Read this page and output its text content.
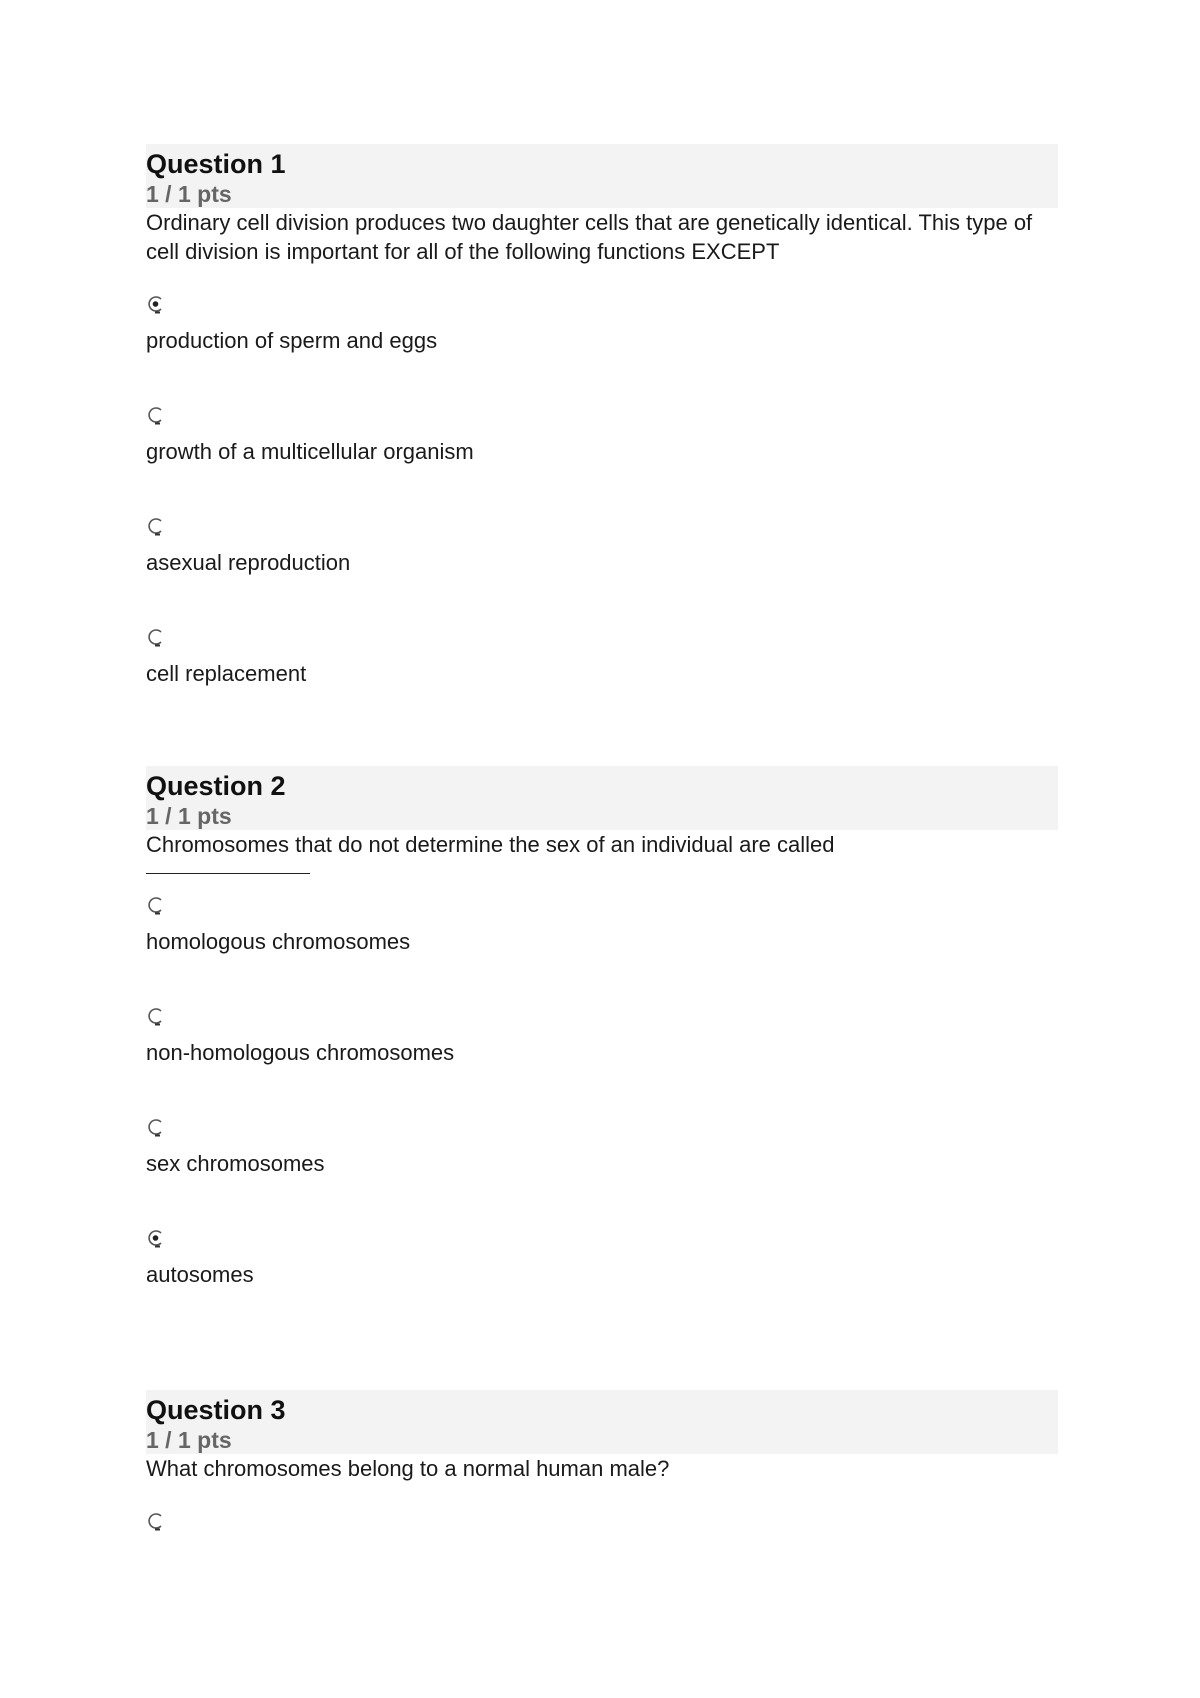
Question 1
1 / 1 pts
Ordinary cell division produces two daughter cells that are genetically identical. This type of cell division is important for all of the following functions EXCEPT
production of sperm and eggs
growth of a multicellular organism
asexual reproduction
cell replacement
Question 2
1 / 1 pts
Chromosomes that do not determine the sex of an individual are called
homologous chromosomes
non-homologous chromosomes
sex chromosomes
autosomes
Question 3
1 / 1 pts
What chromosomes belong to a normal human male?
